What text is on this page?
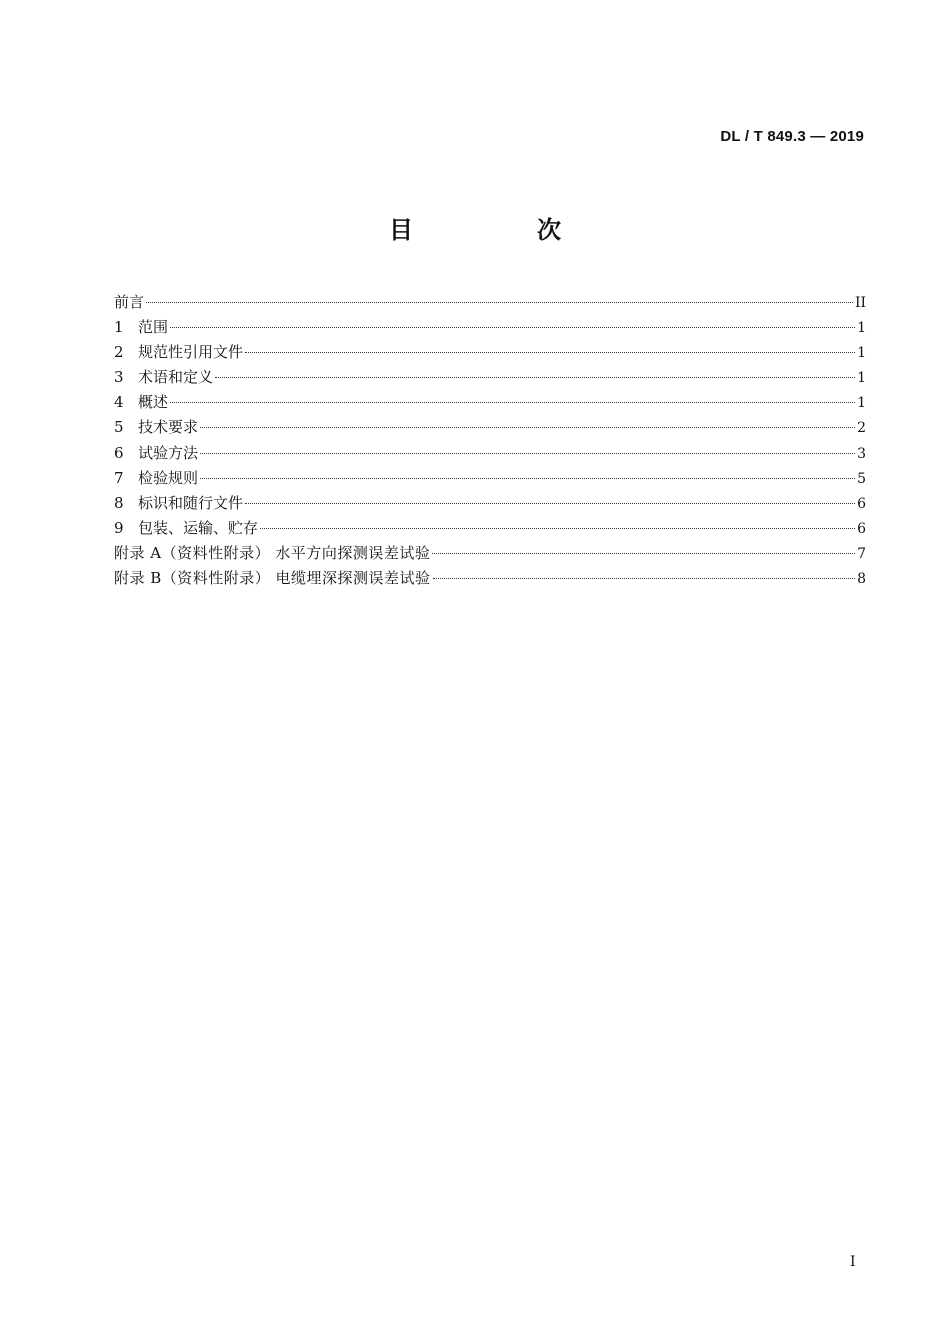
DL / T 849.3 — 2019
目　次
前言	II
1 范围	1
2 规范性引用文件	1
3 术语和定义	1
4 概述	1
5 技术要求	2
6 试验方法	3
7 检验规则	5
8 标识和随行文件	6
9 包装、运输、贮存	6
附录 A（资料性附录） 水平方向探测误差试验	7
附录 B（资料性附录） 电缆埋深探测误差试验	8
I
